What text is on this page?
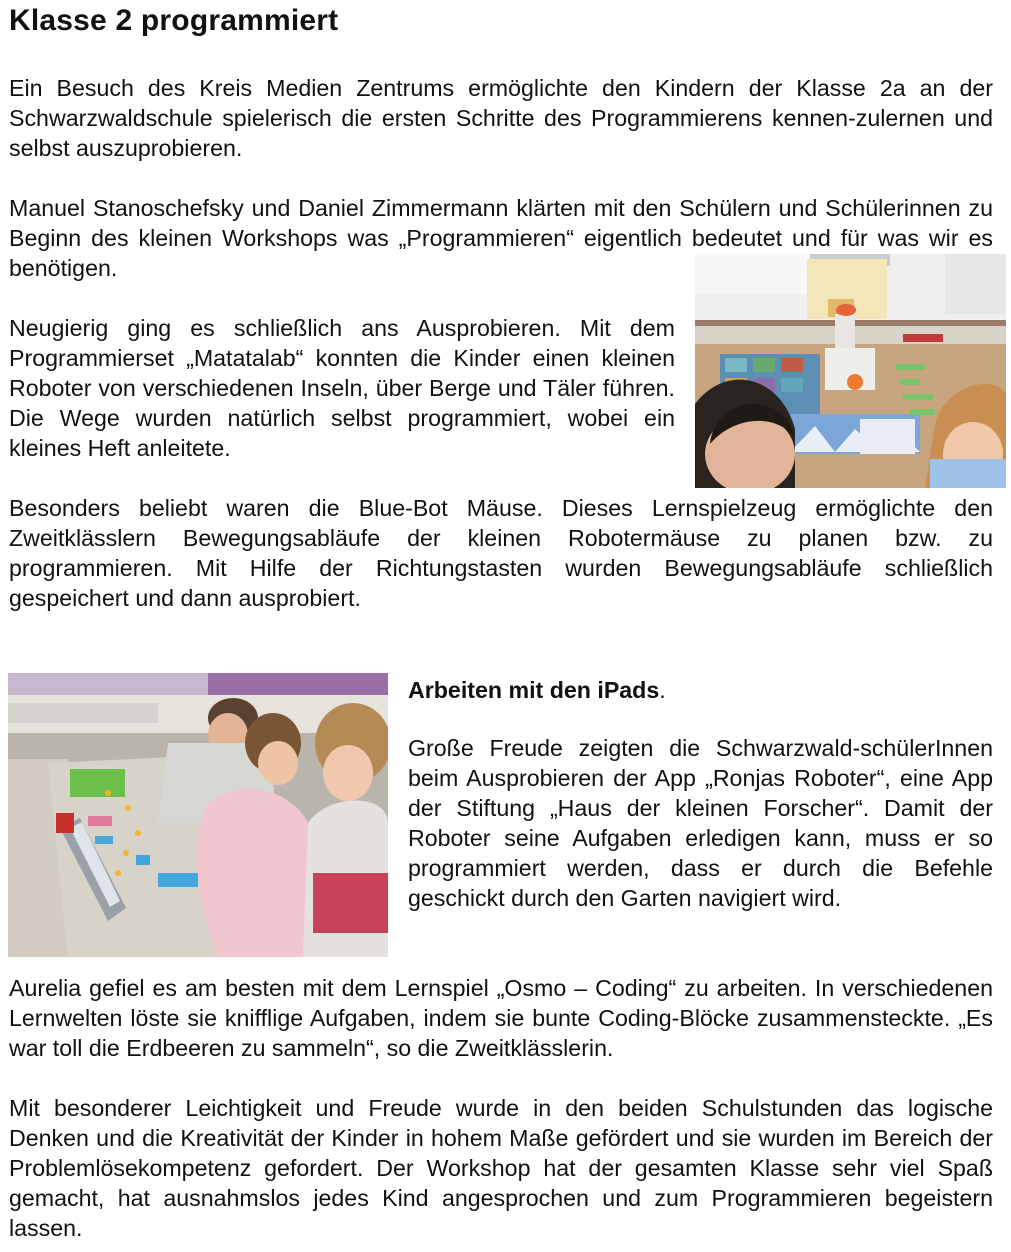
Klasse 2 programmiert

Ein Besuch des Kreis Medien Zentrums ermöglichte den Kindern der Klasse 2a an der Schwarzwaldschule spielerisch die ersten Schritte des Programmierens kennen-zulernen und selbst auszuprobieren.

Manuel Stanoschefsky und Daniel Zimmermann klärten mit den Schülern und Schülerinnen zu Beginn des kleinen Workshops was „Programmieren“ eigentlich bedeutet und für was wir es benötigen.

Neugierig ging es schließlich ans Ausprobieren. Mit dem Programmierset „Matatalab“ konnten die Kinder einen kleinen Roboter von verschiedenen Inseln, über Berge und Täler führen. Die Wege wurden natürlich selbst programmiert, wobei ein kleines Heft anleitete.

Besonders beliebt waren die Blue-Bot Mäuse. Dieses Lernspielzeug ermöglichte den Zweitklässlern Bewegungsabläufe der kleinen Robotermäuse zu planen bzw. zu programmieren. Mit Hilfe der Richtungstasten wurden Bewegungsabläufe schließlich gespeichert und dann ausprobiert.

Arbeiten mit den iPads.

Große Freude zeigten die Schwarzwald-schülerInnen beim Ausprobieren der App „Ronjas Roboter“, eine App der Stiftung „Haus der kleinen Forscher“. Damit der Roboter seine Aufgaben erledigen kann, muss er so programmiert werden, dass er durch die Befehle geschickt durch den Garten navigiert wird.

Aurelia gefiel es am besten mit dem Lernspiel „Osmo – Coding“ zu arbeiten. In verschiedenen Lernwelten löste sie knifflige Aufgaben, indem sie bunte Coding-Blöcke zusammensteckte. „Es war toll die Erdbeeren zu sammeln“, so die Zweitklässlerin.

Mit besonderer Leichtigkeit und Freude wurde in den beiden Schulstunden das logische Denken und die Kreativität der Kinder in hohem Maße gefördert und sie wurden im Bereich der Problemlösekompetenz gefordert. Der Workshop hat der gesamten Klasse sehr viel Spaß gemacht, hat ausnahmslos jedes Kind angesprochen und zum Programmieren begeistern lassen.
